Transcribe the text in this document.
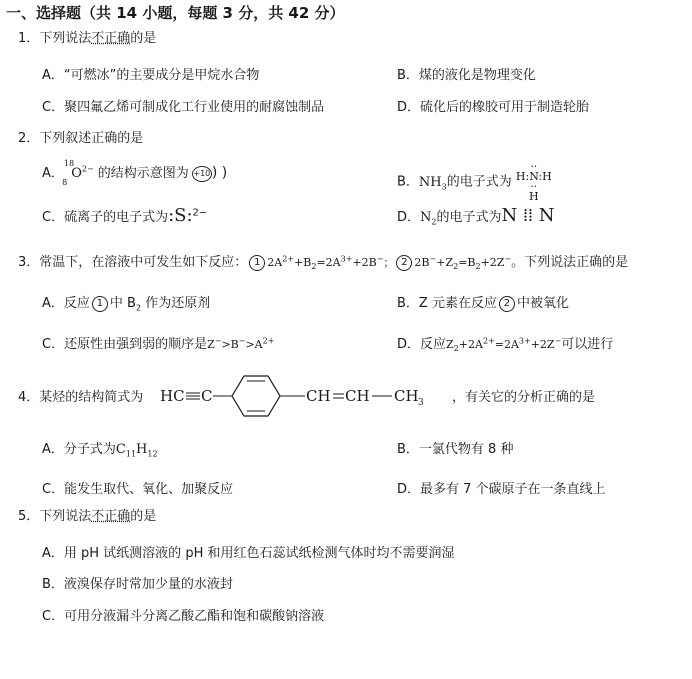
一、选择题（共 14 小题，每题 3 分，共 42 分）
1．下列说法不正确的是
A．“可燃冰”的主要成分是甲烷水合物	B．煤的液化是物理变化
C．聚四氟乙烯可制成化工行业使用的耐腐蚀制品	D．硫化后的橡胶可用于制造轮胎
2．下列叙述正确的是
A．$^{18}_8O^{2-}$ 的结构示意图为 +10 ) )
B．$NH_3$的电子式为
··
H:N:H
··
H
C．硫离子的电子式为:S:$^{2-}$	D．$N_2$的电子式为N ⁞⁞ N
3．常温下，在溶液中可发生如下反应： 1 $2A^{2+}+B_2=2A^{3+}+2B^-$； 2 $2B^-+Z_2=B_2+2Z^-$。下列说法正确的是
A．反应 1 中 $B_2$ 作为还原剂	B．Z 元素在反应 2 中被氧化
C．还原性由强到弱的顺序是$Z^->B^->A^{2+}$	D．反应$Z_2+2A^{2+}=2A^{3+}+2Z^-$可以进行
4．某烃的结构简式为 HC C	CH CH CH 3 ，有关它的分析正确的是
A．分子式为$C_{11}H_{12}$	B．一氯代物有 8 种
C．能发生取代、氧化、加聚反应	D．最多有 7 个碳原子在一条直线上
5．下列说法不正确的是
A．用 pH 试纸测溶液的 pH 和用红色石蕊试纸检测气体时均不需要润湿
B．液溴保存时常加少量的水液封
C．可用分液漏斗分离乙酸乙酯和饱和碳酸钠溶液
